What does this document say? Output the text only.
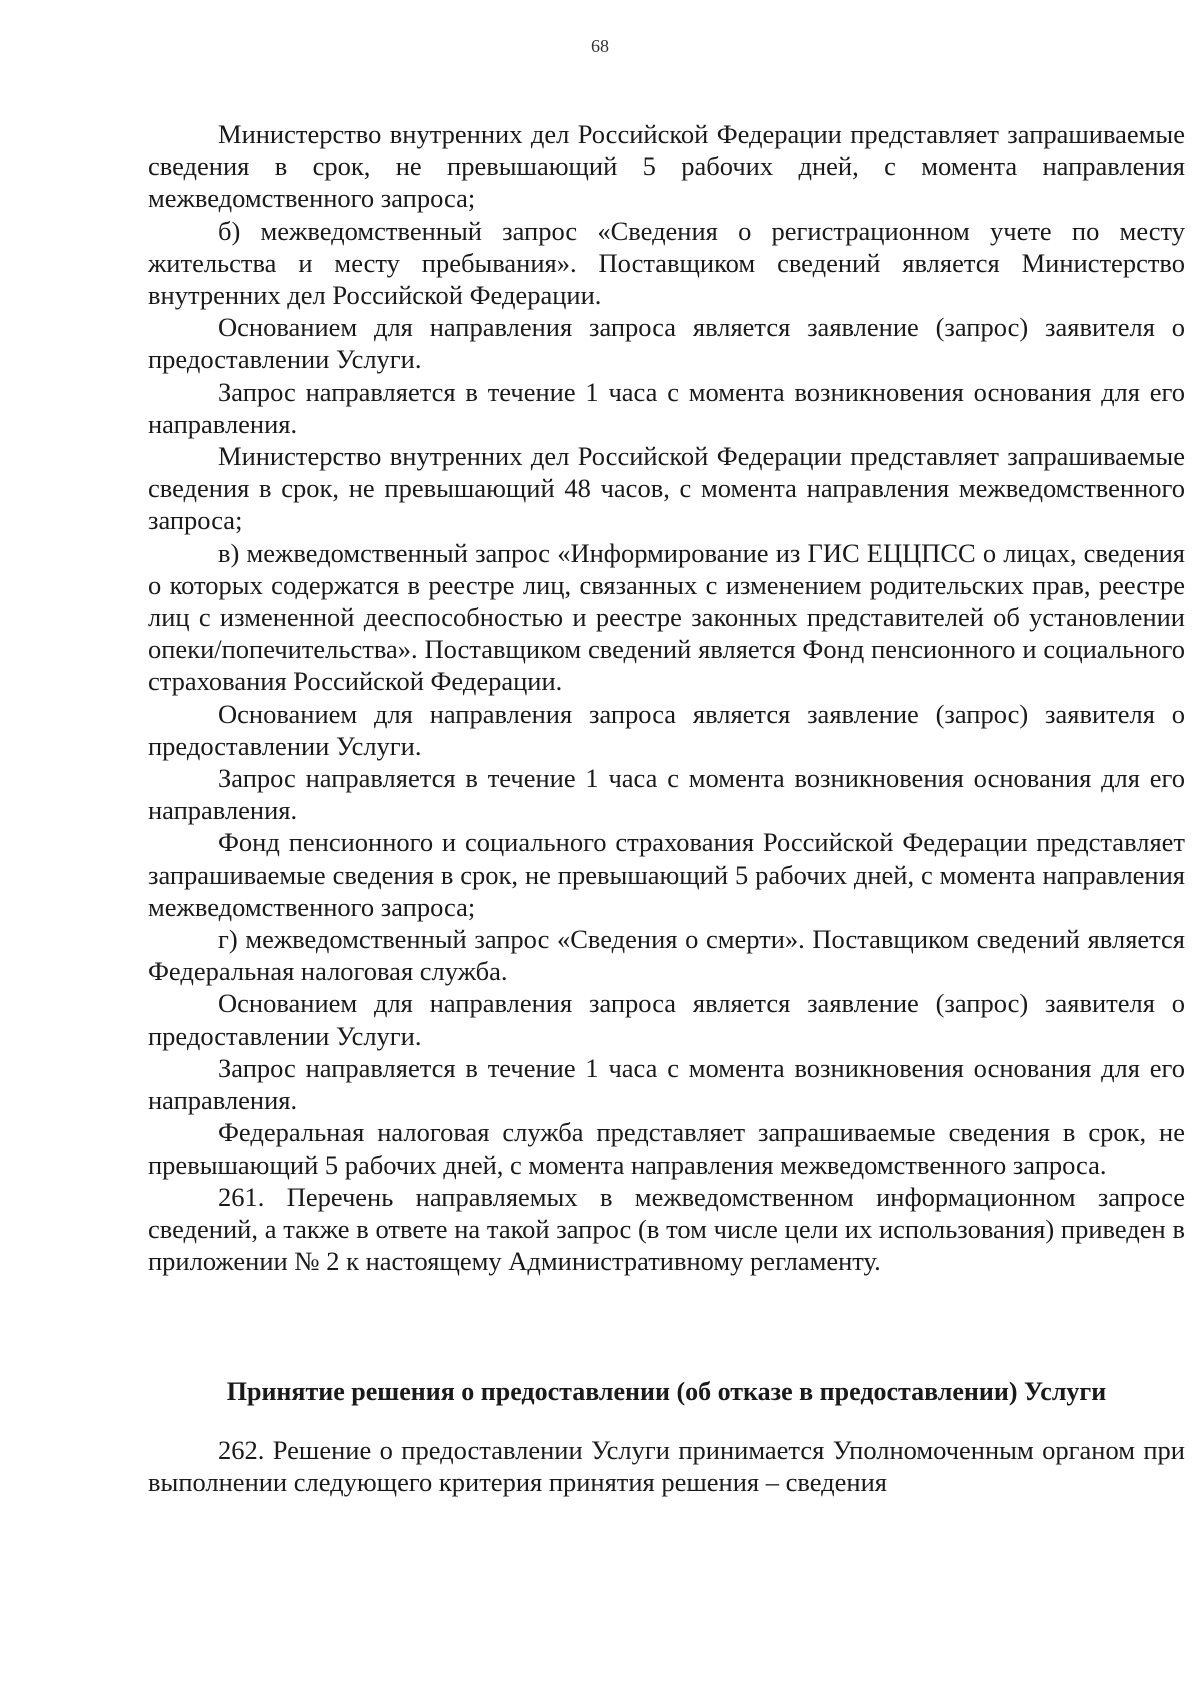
68

Министерство внутренних дел Российской Федерации представляет запрашиваемые сведения в срок, не превышающий 5 рабочих дней, с момента направления межведомственного запроса;

б) межведомственный запрос «Сведения о регистрационном учете по месту жительства и месту пребывания». Поставщиком сведений является Министерство внутренних дел Российской Федерации.

Основанием для направления запроса является заявление (запрос) заявителя о предоставлении Услуги.

Запрос направляется в течение 1 часа с момента возникновения основания для его направления.

Министерство внутренних дел Российской Федерации представляет запрашиваемые сведения в срок, не превышающий 48 часов, с момента направления межведомственного запроса;

в) межведомственный запрос «Информирование из ГИС ЕЦЦПСС о лицах, сведения о которых содержатся в реестре лиц, связанных с изменением родительских прав, реестре лиц с измененной дееспособностью и реестре законных представителей об установлении опеки/попечительства». Поставщиком сведений является Фонд пенсионного и социального страхования Российской Федерации.

Основанием для направления запроса является заявление (запрос) заявителя о предоставлении Услуги.

Запрос направляется в течение 1 часа с момента возникновения основания для его направления.

Фонд пенсионного и социального страхования Российской Федерации представляет запрашиваемые сведения в срок, не превышающий 5 рабочих дней, с момента направления межведомственного запроса;

г) межведомственный запрос «Сведения о смерти». Поставщиком сведений является Федеральная налоговая служба.

Основанием для направления запроса является заявление (запрос) заявителя о предоставлении Услуги.

Запрос направляется в течение 1 часа с момента возникновения основания для его направления.

Федеральная налоговая служба представляет запрашиваемые сведения в срок, не превышающий 5 рабочих дней, с момента направления межведомственного запроса.

261. Перечень направляемых в межведомственном информационном запросе сведений, а также в ответе на такой запрос (в том числе цели их использования) приведен в приложении № 2 к настоящему Административному регламенту.

Принятие решения о предоставлении (об отказе в предоставлении) Услуги

262. Решение о предоставлении Услуги принимается Уполномоченным органом при выполнении следующего критерия принятия решения – сведения
